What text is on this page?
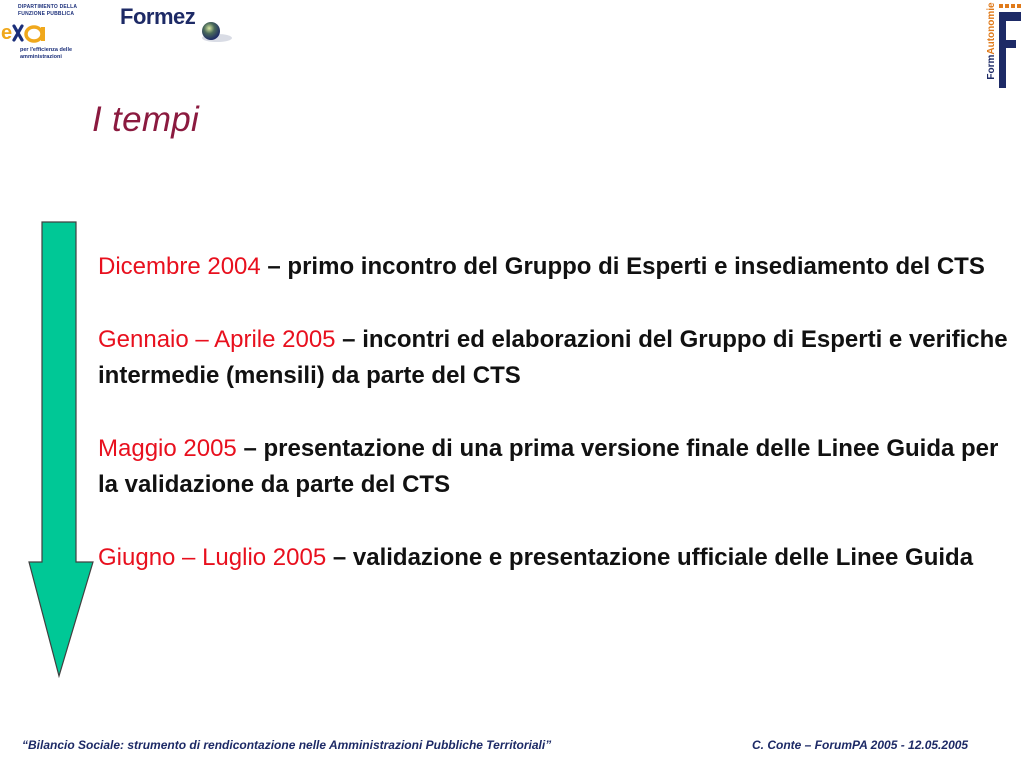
DIPARTIMENTO DELLA
FUNZIONE PUBBLICA
e
per l'efficienza delle
amministrazioni
Formez
FormAutonomie
I tempi
Dicembre 2004 – primo incontro del Gruppo di Esperti e insediamento del CTS
Gennaio – Aprile 2005 – incontri ed elaborazioni del Gruppo di Esperti e verifiche intermedie (mensili) da parte del CTS
Maggio 2005 – presentazione di una prima versione finale delle Linee Guida per la validazione da parte del CTS
Giugno – Luglio 2005 – validazione e presentazione ufficiale delle Linee Guida
“Bilancio Sociale: strumento di rendicontazione nelle Amministrazioni Pubbliche Territoriali”	C. Conte – ForumPA 2005 - 12.05.2005
